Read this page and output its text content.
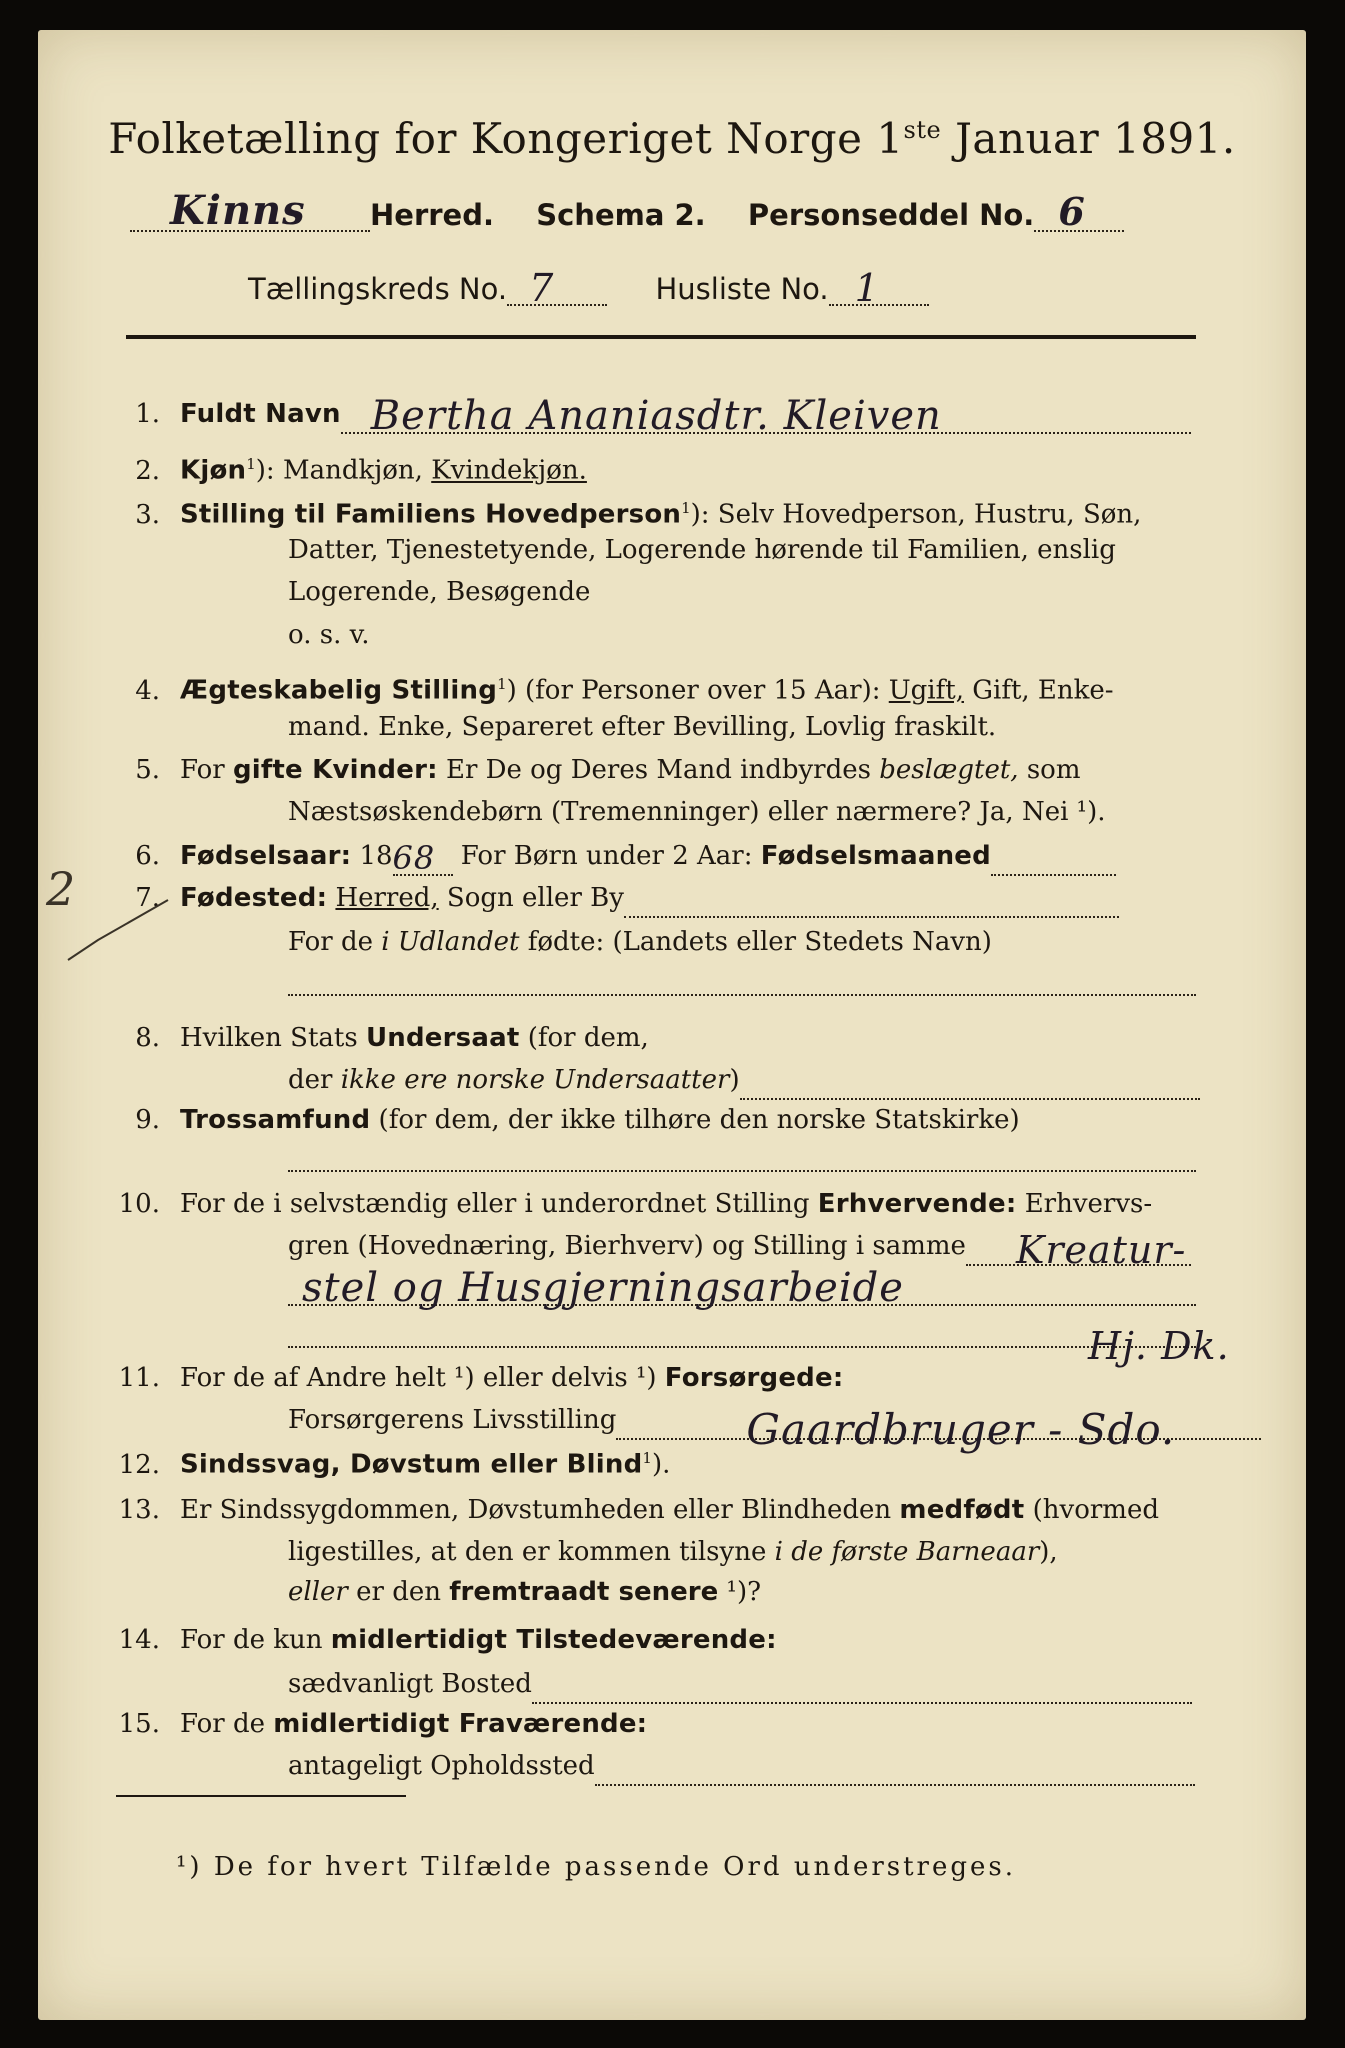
Folketælling for Kongeriget Norge 1ste Januar 1891.
Kinns Herred. Schema 2. Personseddel No. 6
Tællingskreds No. 7	Husliste No. 1
1. Fuldt Navn Bertha Ananiasdtr. Kleiven
2. Kjøn$^1$): Mandkjøn, Kvindekjøn.
3. Stilling til Familiens Hovedperson$^1$): Selv Hovedperson, Hustru, Søn,
Datter, Tjenestetyende, Logerende hørende til Familien, enslig
Logerende, Besøgende
o. s. v.
4. Ægteskabelig Stilling$^1$) (for Personer over 15 Aar): Ugift, Gift, Enke-
mand. Enke, Separeret efter Bevilling, Lovlig fraskilt.
5. For gifte Kvinder: Er De og Deres Mand indbyrdes beslægtet, som
Næstsøskendebørn (Tremenninger) eller nærmere? Ja, Nei ¹).
6. Fødselsaar: 18 68 For Børn under 2 Aar: Fødselsmaaned
7. Fødested: Herred, Sogn eller By
For de i Udlandet fødte: (Landets eller Stedets Navn)
8. Hvilken Stats Undersaat (for dem,
der ikke ere norske Undersaatter)
9. Trossamfund (for dem, der ikke tilhøre den norske Statskirke)
10. For de i selvstændig eller i underordnet Stilling Erhvervende: Erhvervs-
gren (Hovednæring, Bierhverv) og Stilling i samme Kreatur-
stel og Husgjerningsarbeide
Hj. Dk.
11. For de af Andre helt ¹) eller delvis ¹) Forsørgede:
Forsørgerens Livsstilling	Gaardbruger - Sdo.
12. Sindssvag, Døvstum eller Blind$^1$).
13. Er Sindssygdommen, Døvstumheden eller Blindheden medfødt (hvormed
ligestilles, at den er kommen tilsyne i de første Barneaar),
eller er den fremtraadt senere ¹)?
14. For de kun midlertidigt Tilstedeværende:
sædvanligt Bosted
15. For de midlertidigt Fraværende:
antageligt Opholdssted
¹) De for hvert Tilfælde passende Ord understreges.
2
